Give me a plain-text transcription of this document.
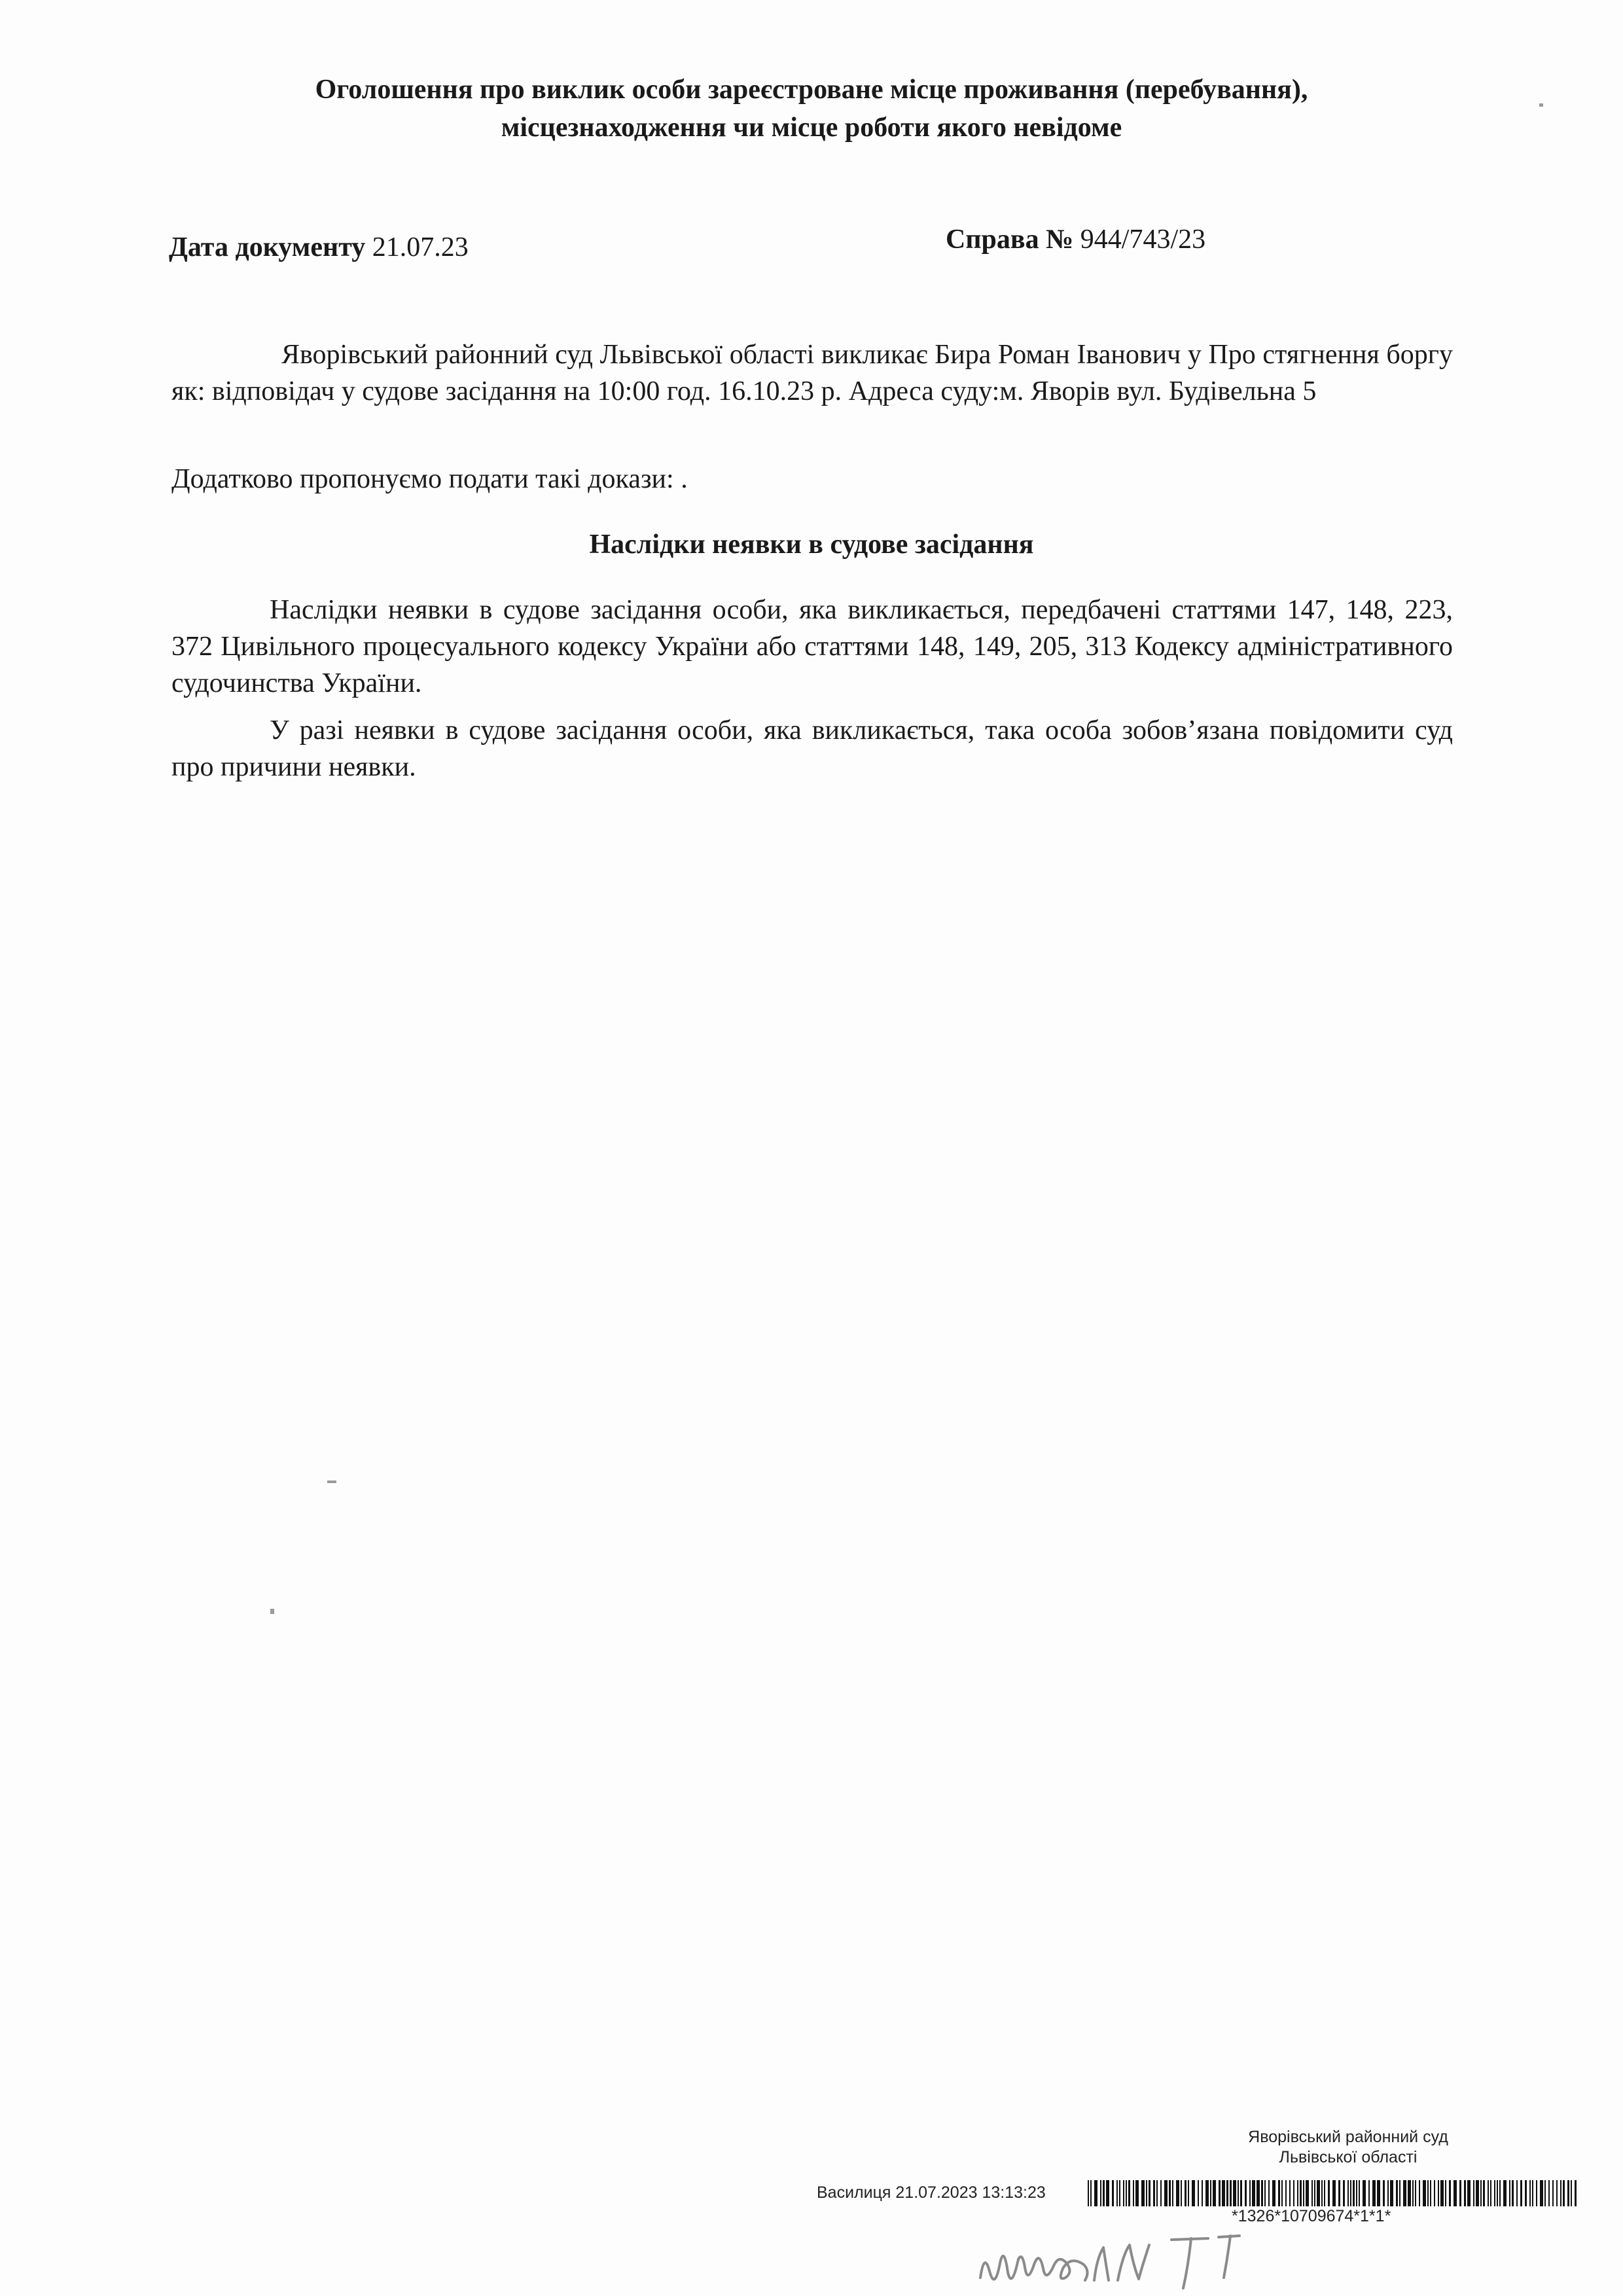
Оголошення про виклик особи зареєстроване місце проживання (перебування),
місцезнаходження чи місце роботи якого невідоме
Дата документу 21.07.23	Справа № 944/743/23
Яворівський районний суд Львівської області викликає Бира Роман Іванович у Про стягнення боргу як: відповідач у судове засідання на 10:00 год. 16.10.23 р. Адреса суду:м. Яворів вул. Будівельна 5
Додатково пропонуємо подати такі докази: .
Наслідки неявки в судове засідання
Наслідки неявки в судове засідання особи, яка викликається, передбачені статтями 147, 148, 223, 372 Цивільного процесуального кодексу України або статтями 148, 149, 205, 313 Кодексу адміністративного судочинства України.
У разі неявки в судове засідання особи, яка викликається, така особа зобов’язана повідомити суд про причини неявки.
Яворівський районний суд
Львівської області
Василиця 21.07.2023 13:13:23
*1326*10709674*1*1*
